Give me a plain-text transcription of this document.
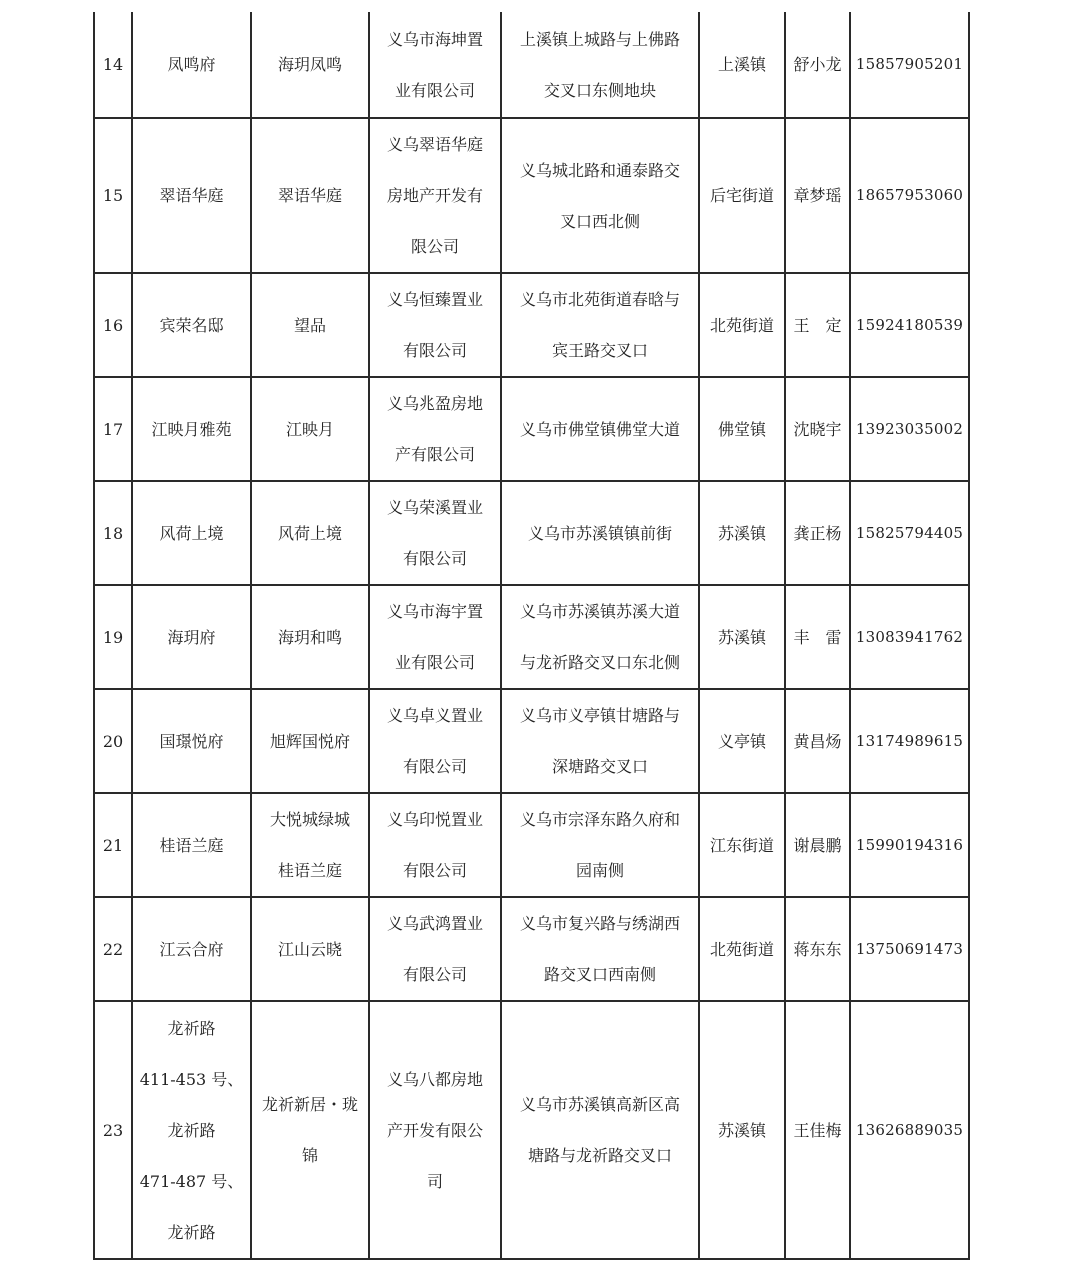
14	凤鸣府	海玥凤鸣	义乌市海坤置
业有限公司	上溪镇上城路与上佛路
交叉口东侧地块	上溪镇	舒小龙	15857905201
15	翠语华庭	翠语华庭	义乌翠语华庭
房地产开发有
限公司	义乌城北路和通泰路交
叉口西北侧	后宅街道	章梦瑶	18657953060
16	宾荣名邸	望品	义乌恒臻置业
有限公司	义乌市北苑街道春晗与
宾王路交叉口	北苑街道	王　定	15924180539
17	江映月雅苑	江映月	义乌兆盈房地
产有限公司	义乌市佛堂镇佛堂大道	佛堂镇	沈晓宇	13923035002
18	风荷上境	风荷上境	义乌荣溪置业
有限公司	义乌市苏溪镇镇前街	苏溪镇	龚正杨	15825794405
19	海玥府	海玥和鸣	义乌市海宇置
业有限公司	义乌市苏溪镇苏溪大道
与龙祈路交叉口东北侧	苏溪镇	丰　雷	13083941762
20	国璟悦府	旭辉国悦府	义乌卓义置业
有限公司	义乌市义亭镇甘塘路与
深塘路交叉口	义亭镇	黄昌炀	13174989615
21	桂语兰庭	大悦城绿城
桂语兰庭	义乌印悦置业
有限公司	义乌市宗泽东路久府和
园南侧	江东街道	谢晨鹏	15990194316
22	江云合府	江山云晓	义乌武鸿置业
有限公司	义乌市复兴路与绣湖西
路交叉口西南侧	北苑街道	蒋东东	13750691473
23	龙祈路
411-453 号、
龙祈路
471-487 号、
龙祈路	龙祈新居・珑
锦	义乌八都房地
产开发有限公
司	义乌市苏溪镇高新区高
塘路与龙祈路交叉口	苏溪镇	王佳梅	13626889035
